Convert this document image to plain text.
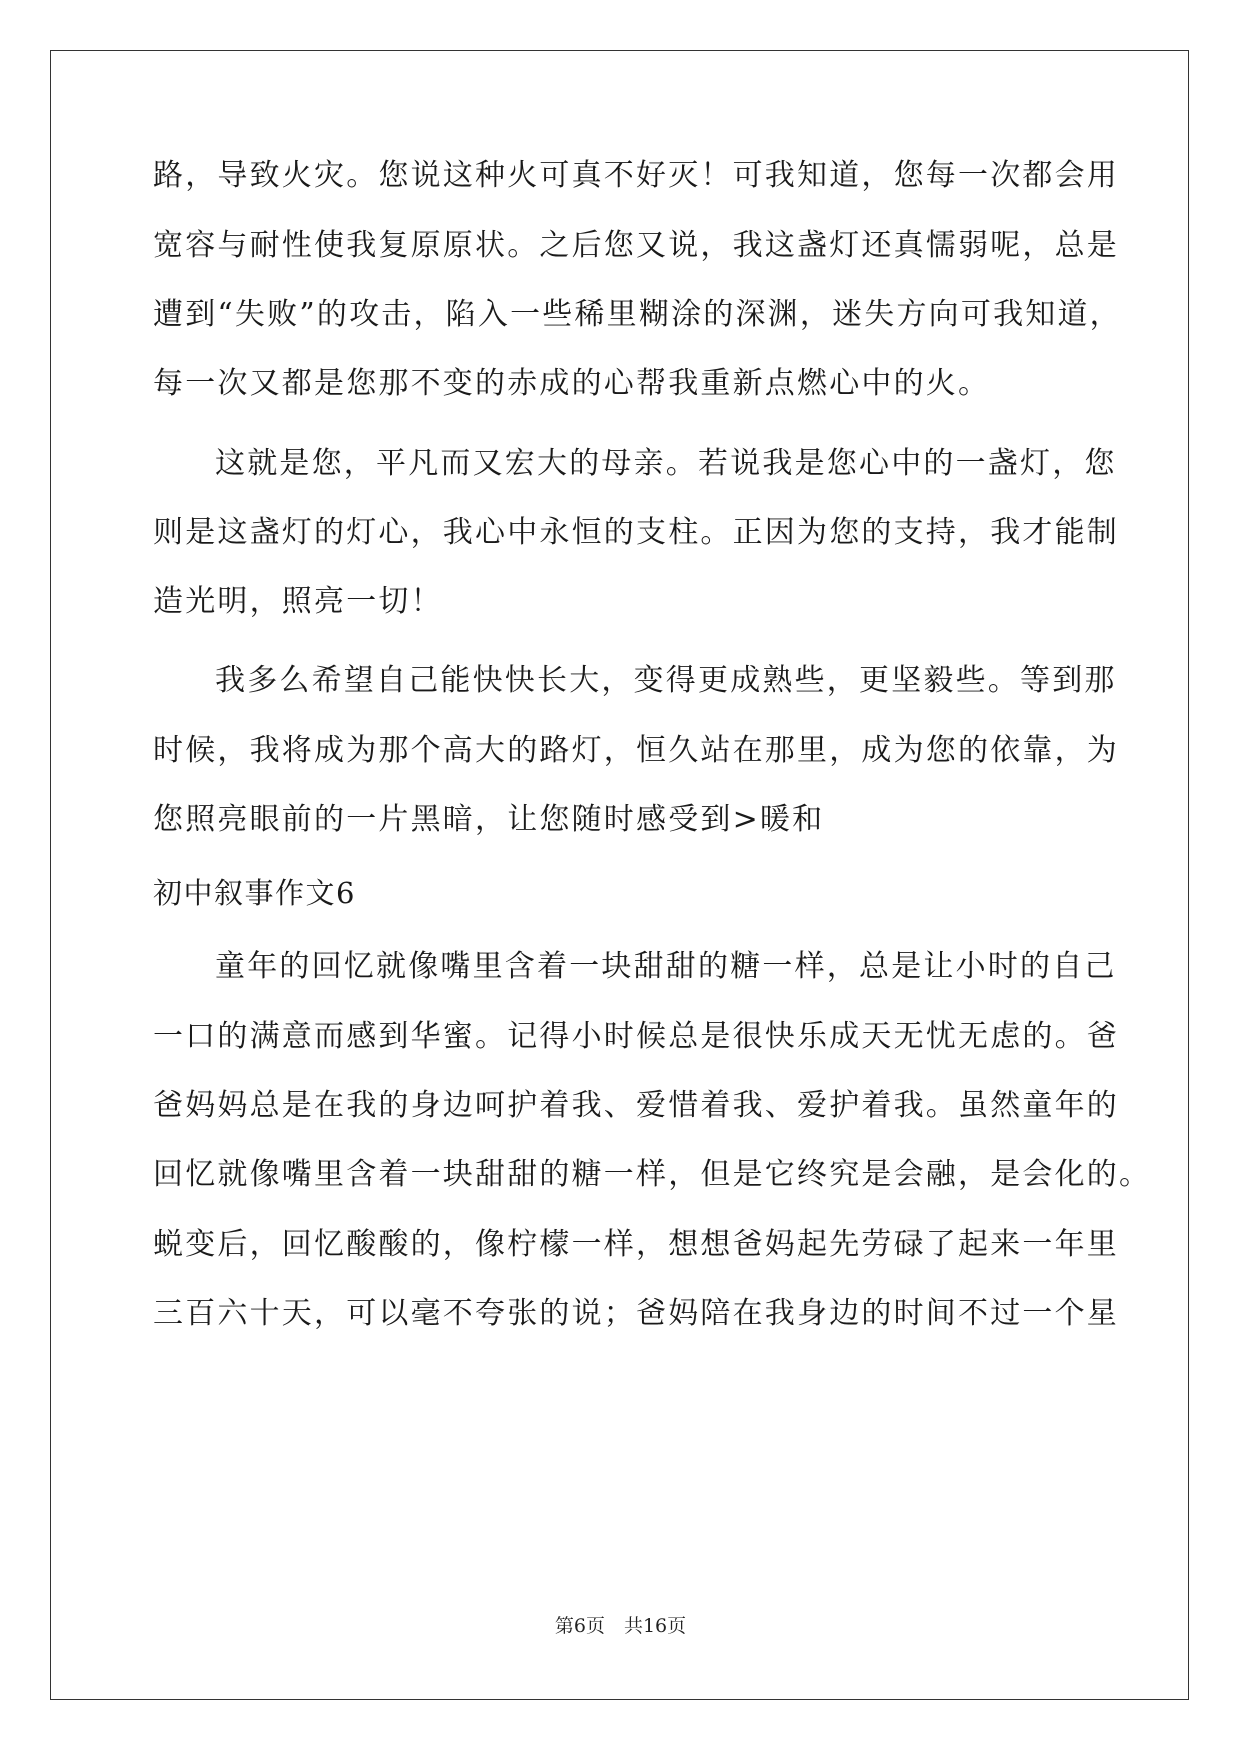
路，导致火灾。您说这种火可真不好灭！可我知道，您每一次都会用
宽容与耐性使我复原原状。之后您又说，我这盏灯还真懦弱呢，总是
遭到“失败”的攻击，陷入一些稀里糊涂的深渊，迷失方向可我知道，
每一次又都是您那不变的赤成的心帮我重新点燃心中的火。
这就是您，平凡而又宏大的母亲。若说我是您心中的一盏灯，您
则是这盏灯的灯心，我心中永恒的支柱。正因为您的支持，我才能制
造光明，照亮一切！
我多么希望自己能快快长大，变得更成熟些，更坚毅些。等到那
时候，我将成为那个高大的路灯，恒久站在那里，成为您的依靠，为
您照亮眼前的一片黑暗，让您随时感受到>暖和
初中叙事作文6
童年的回忆就像嘴里含着一块甜甜的糖一样，总是让小时的自己
一口的满意而感到华蜜。记得小时候总是很快乐成天无忧无虑的。爸
爸妈妈总是在我的身边呵护着我、爱惜着我、爱护着我。虽然童年的
回忆就像嘴里含着一块甜甜的糖一样，但是它终究是会融，是会化的。
蜕变后，回忆酸酸的，像柠檬一样，想想爸妈起先劳碌了起来一年里
三百六十天，可以毫不夸张的说；爸妈陪在我身边的时间不过一个星
第6页　共16页
